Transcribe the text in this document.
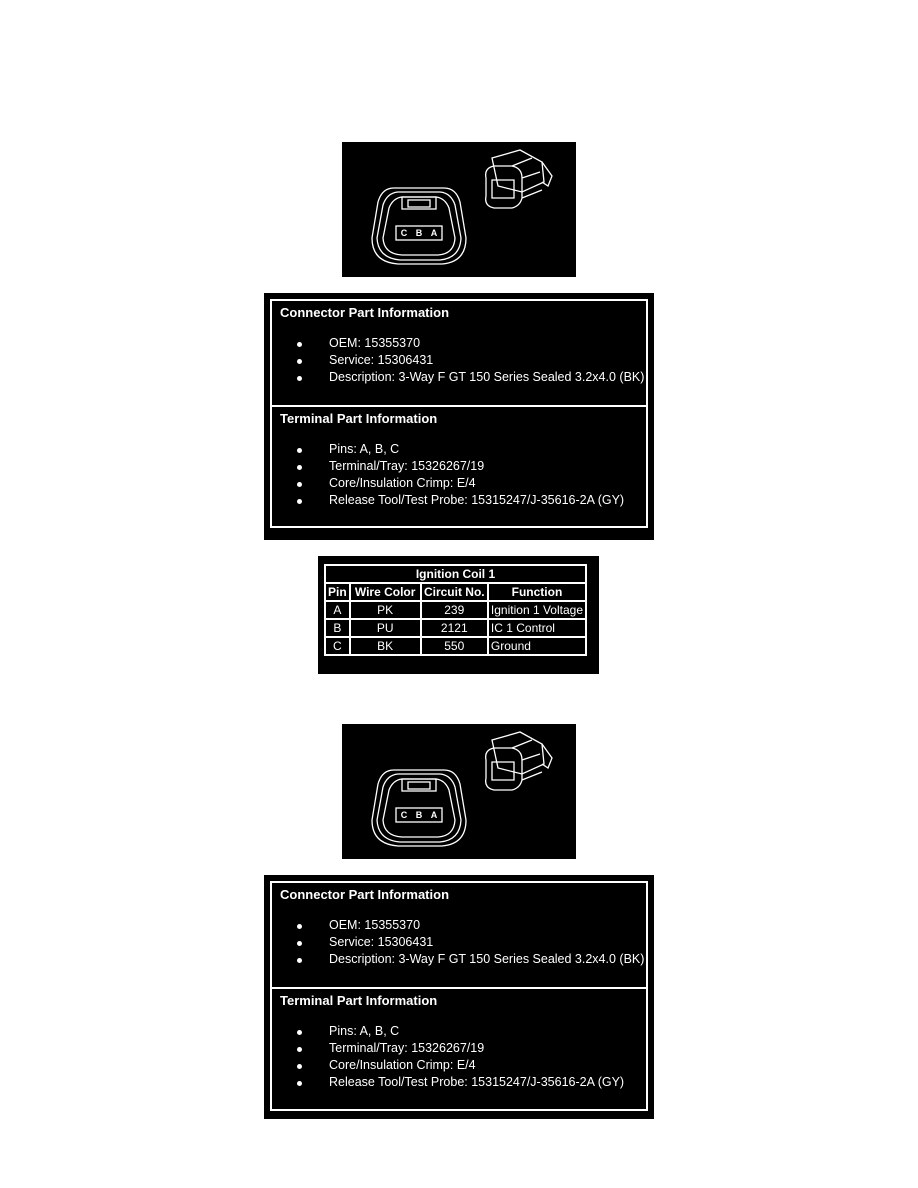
C B A

Connector Part Information

OEM: 15355370
Service: 15306431
Description: 3-Way F GT 150 Series Sealed 3.2x4.0 (BK)

Terminal Part Information

Pins: A, B, C
Terminal/Tray: 15326267/19
Core/Insulation Crimp: E/4
Release Tool/Test Probe: 15315247/J-35616-2A (GY)
Ignition Coil 1			
Pin	Wire Color	Circuit No.	Function
A	PK	239	Ignition 1 Voltage
B	PU	2121	IC 1 Control
C	BK	550	Ground
C B A

Connector Part Information

OEM: 15355370
Service: 15306431
Description: 3-Way F GT 150 Series Sealed 3.2x4.0 (BK)

Terminal Part Information

Pins: A, B, C
Terminal/Tray: 15326267/19
Core/Insulation Crimp: E/4
Release Tool/Test Probe: 15315247/J-35616-2A (GY)
